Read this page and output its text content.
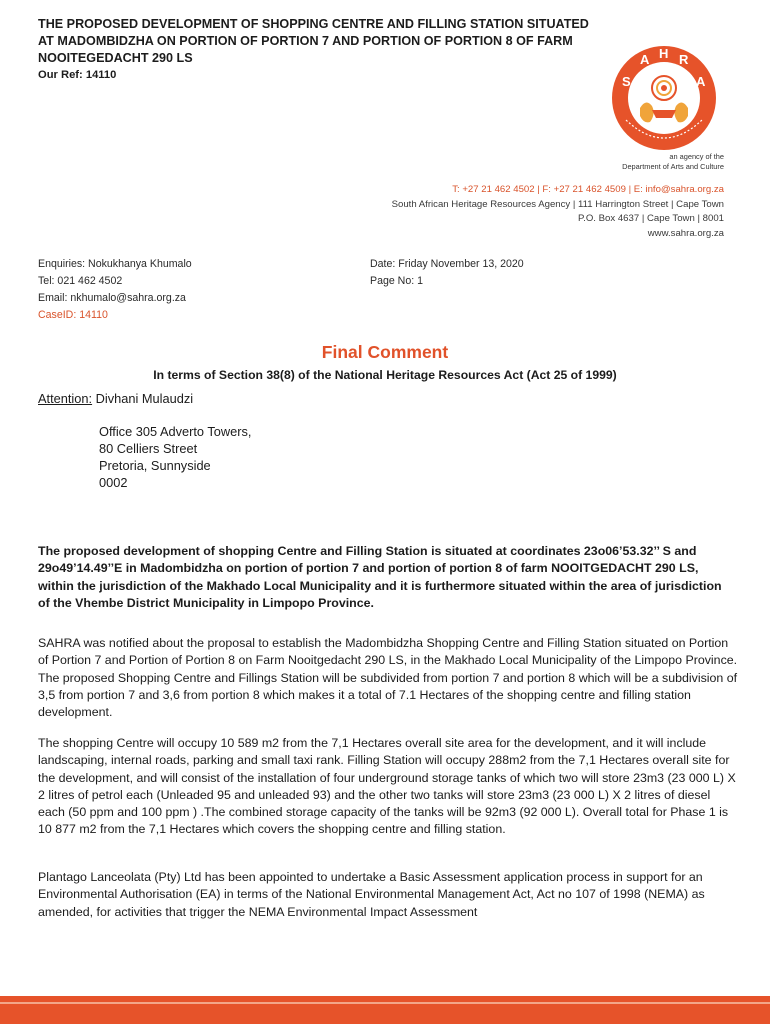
THE PROPOSED DEVELOPMENT OF SHOPPING CENTRE AND FILLING STATION SITUATED AT MADOMBIDZHA ON PORTION OF PORTION 7 AND PORTION OF PORTION 8 OF FARM NOOITEGEDACHT 290 LS
Our Ref: 14110	S
A H R
A
an agency of the
Department of Arts and Culture
T: +27 21 462 4502 | F: +27 21 462 4509 | E: info@sahra.org.za
South African Heritage Resources Agency | 111 Harrington Street | Cape Town
P.O. Box 4637 | Cape Town | 8001
www.sahra.org.za
Enquiries: Nokukhanya Khumalo
Tel: 021 462 4502
Email: nkhumalo@sahra.org.za
CaseID: 14110
Date: Friday November 13, 2020
Page No: 1
Final Comment
In terms of Section 38(8) of the National Heritage Resources Act (Act 25 of 1999)
Attention: Divhani Mulaudzi
Office 305 Adverto Towers,
80 Celliers Street
Pretoria, Sunnyside
0002
The proposed development of shopping Centre and Filling Station is situated at coordinates 23o06’53.32’’ S and 29o49’14.49’’E in Madombidzha on portion of portion 7 and portion of portion 8 of farm NOOITGEDACHT 290 LS, within the jurisdiction of the Makhado Local Municipality and it is furthermore situated within the area of jurisdiction of the Vhembe District Municipality in Limpopo Province.
SAHRA was notified about the proposal to establish the Madombidzha Shopping Centre and Filling Station situated on Portion of Portion 7 and Portion of Portion 8 on Farm Nooitgedacht 290 LS, in the Makhado Local Municipality of the Limpopo Province. The proposed Shopping Centre and Fillings Station will be subdivided from portion 7 and portion 8 which will be a subdivision of 3,5 from portion 7 and 3,6 from portion 8 which makes it a total of 7.1 Hectares of the shopping centre and filling station development.
The shopping Centre will occupy 10 589 m2 from the 7,1 Hectares overall site area for the development, and it will include landscaping, internal roads, parking and small taxi rank. Filling Station will occupy 288m2 from the 7,1 Hectares overall site for the development, and will consist of the installation of four underground storage tanks of which two will store 23m3 (23 000 L) X 2 litres of petrol each (Unleaded 95 and unleaded 93) and the other two tanks will store 23m3 (23 000 L) X 2 litres of diesel each (50 ppm and 100 ppm ) .The combined storage capacity of the tanks will be 92m3 (92 000 L). Overall total for Phase 1 is 10 877 m2 from the 7,1 Hectares which covers the shopping centre and filling station.
Plantago Lanceolata (Pty) Ltd has been appointed to undertake a Basic Assessment application process in support for an Environmental Authorisation (EA) in terms of the National Environmental Management Act, Act no 107 of 1998 (NEMA) as amended, for activities that trigger the NEMA Environmental Impact Assessment
